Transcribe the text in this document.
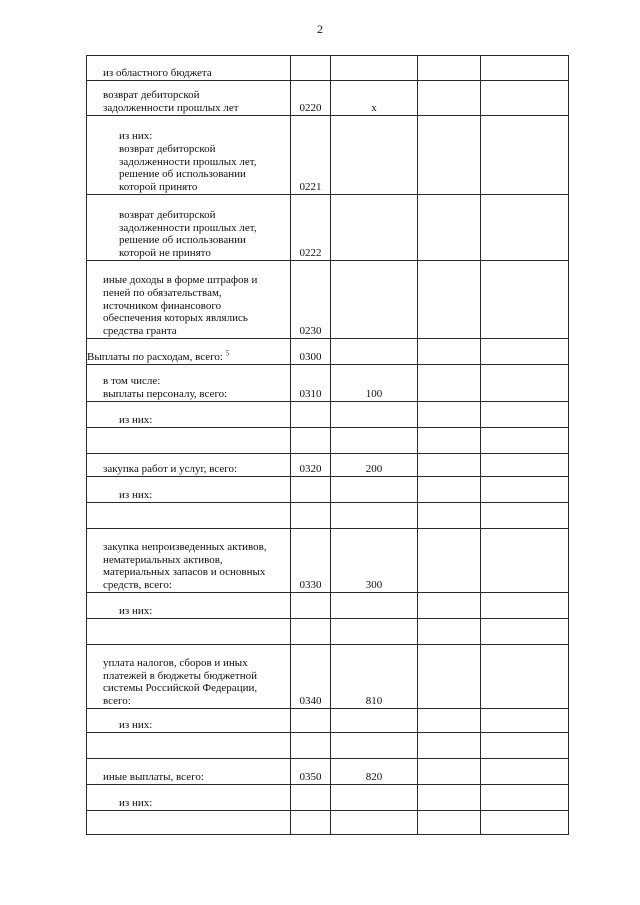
2
из областного бюджета				

возврат дебиторской
задолженности прошлых лет	0220	x		

из них:
возврат дебиторской
задолженности прошлых лет,
решение об использовании
которой принято	0221			

возврат дебиторской
задолженности прошлых лет,
решение об использовании
которой не принято	0222			

иные доходы в форме штрафов и
пеней по обязательствам,
источником финансового
обеспечения которых являлись
средства гранта	0230			

Выплаты по расходам, всего: $^5$	0300			

в том числе:
выплаты персоналу, всего:	0310	100		

из них:				

закупка работ и услуг, всего:	0320	200		

из них:				

закупка непроизведенных активов,
нематериальных активов,
материальных запасов и основных
средств, всего:	0330	300		

из них:				

уплата налогов, сборов и иных
платежей в бюджеты бюджетной
системы Российской Федерации,
всего:	0340	810		

из них:				

иные выплаты, всего:	0350	820		

из них:				
